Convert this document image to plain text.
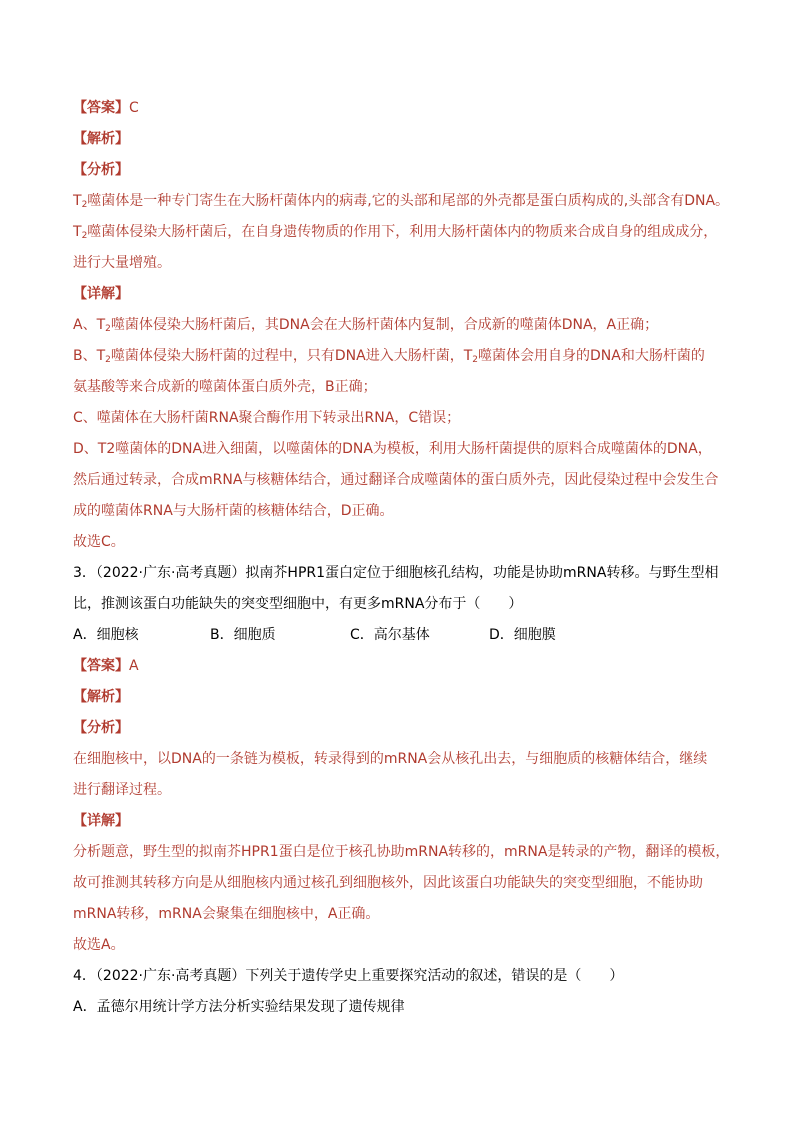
【答案】C
【解析】
【分析】
$T_2$噬菌体是一种专门寄生在大肠杆菌体内的病毒,它的头部和尾部的外壳都是蛋白质构成的,头部含有DNA。
$T_2$噬菌体侵染大肠杆菌后，在自身遗传物质的作用下，利用大肠杆菌体内的物质来合成自身的组成成分，
进行大量增殖。
【详解】
A、$T_2$噬菌体侵染大肠杆菌后，其DNA会在大肠杆菌体内复制，合成新的噬菌体DNA，A正确；
B、$T_2$噬菌体侵染大肠杆菌的过程中，只有DNA进入大肠杆菌，$T_2$噬菌体会用自身的DNA和大肠杆菌的
氨基酸等来合成新的噬菌体蛋白质外壳，B正确；
C、噬菌体在大肠杆菌RNA聚合酶作用下转录出RNA，C错误；
D、T2噬菌体的DNA进入细菌，以噬菌体的DNA为模板，利用大肠杆菌提供的原料合成噬菌体的DNA，
然后通过转录，合成mRNA与核糖体结合，通过翻译合成噬菌体的蛋白质外壳，因此侵染过程中会发生合
成的噬菌体RNA与大肠杆菌的核糖体结合，D正确。
故选C。
3．（2022·广东·高考真题）拟南芥HPR1蛋白定位于细胞核孔结构，功能是协助mRNA转移。与野生型相
比，推测该蛋白功能缺失的突变型细胞中，有更多mRNA分布于（　　）
A．细胞核	B．细胞质	C．高尔基体	D．细胞膜
【答案】A
【解析】
【分析】
在细胞核中，以DNA的一条链为模板，转录得到的mRNA会从核孔出去，与细胞质的核糖体结合，继续
进行翻译过程。
【详解】
分析题意，野生型的拟南芥HPR1蛋白是位于核孔协助mRNA转移的，mRNA是转录的产物，翻译的模板，
故可推测其转移方向是从细胞核内通过核孔到细胞核外，因此该蛋白功能缺失的突变型细胞，不能协助
mRNA转移，mRNA会聚集在细胞核中，A正确。
故选A。
4．（2022·广东·高考真题）下列关于遗传学史上重要探究活动的叙述，错误的是（　　）
A．孟德尔用统计学方法分析实验结果发现了遗传规律
